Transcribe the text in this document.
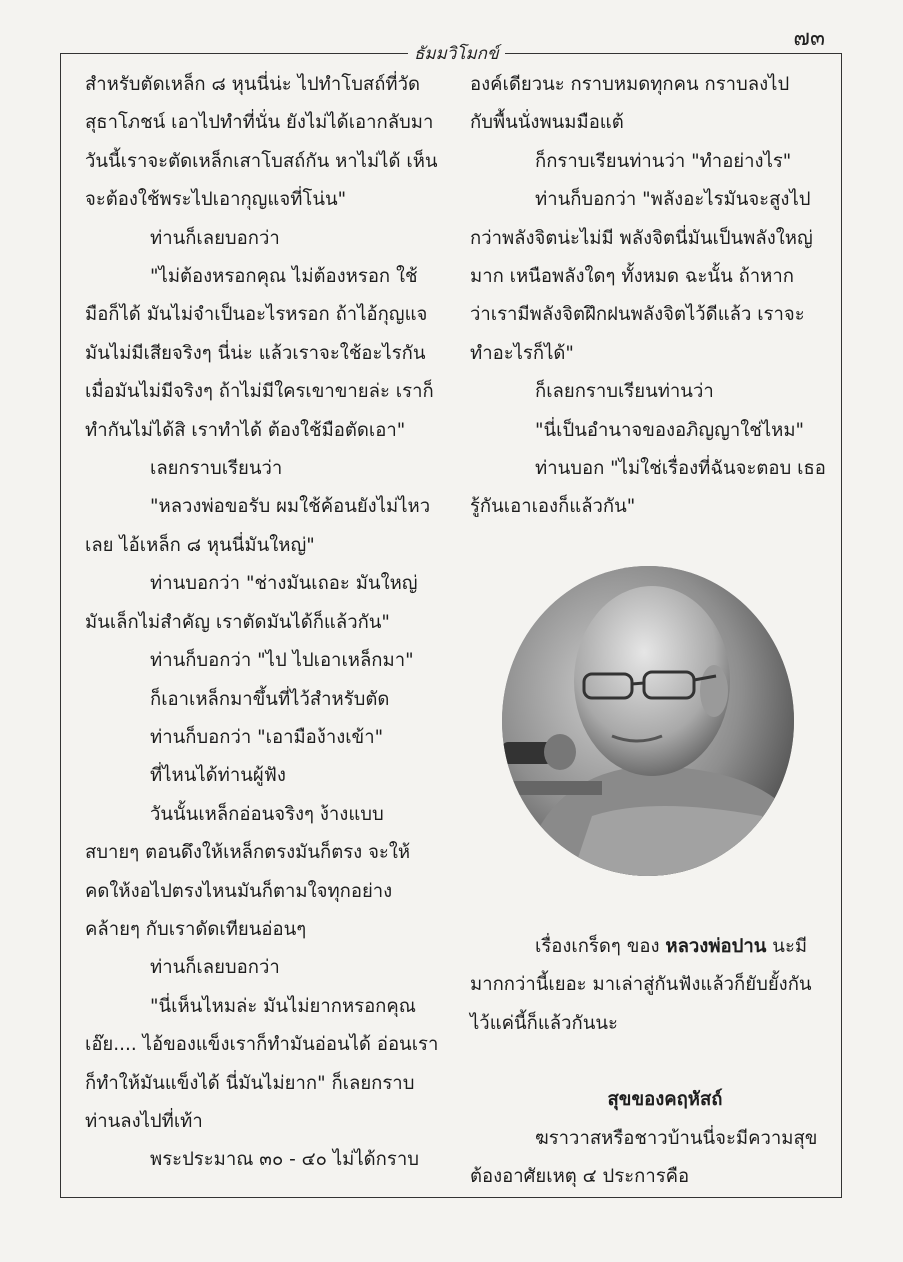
๗๓
ธัมมวิโมกข์

สำหรับตัดเหล็ก ๘ หุนนี่น่ะ ไปทำโบสถ์ที่วัด

สุธาโภชน์ เอาไปทำที่นั่น ยังไม่ได้เอากลับมา

วันนี้เราจะตัดเหล็กเสาโบสถ์กัน หาไม่ได้ เห็น

จะต้องใช้พระไปเอากุญแจที่โน่น"

ท่านก็เลยบอกว่า

"ไม่ต้องหรอกคุณ ไม่ต้องหรอก ใช้

มือก็ได้ มันไม่จำเป็นอะไรหรอก ถ้าไอ้กุญแจ

มันไม่มีเสียจริงๆ นี่น่ะ แล้วเราจะใช้อะไรกัน

เมื่อมันไม่มีจริงๆ ถ้าไม่มีใครเขาขายล่ะ เราก็

ทำกันไม่ได้สิ เราทำได้ ต้องใช้มือตัดเอา"

เลยกราบเรียนว่า

"หลวงพ่อขอรับ ผมใช้ค้อนยังไม่ไหว

เลย ไอ้เหล็ก ๘ หุนนี่มันใหญ่"

ท่านบอกว่า "ช่างมันเถอะ มันใหญ่

มันเล็กไม่สำคัญ เราตัดมันได้ก็แล้วกัน"

ท่านก็บอกว่า "ไป ไปเอาเหล็กมา"

ก็เอาเหล็กมาขึ้นที่ไว้สำหรับตัด

ท่านก็บอกว่า "เอามือง้างเข้า"

ที่ไหนได้ท่านผู้ฟัง

วันนั้นเหล็กอ่อนจริงๆ ง้างแบบ

สบายๆ ตอนดึงให้เหล็กตรงมันก็ตรง จะให้

คดให้งอไปตรงไหนมันก็ตามใจทุกอย่าง

คล้ายๆ กับเราดัดเทียนอ่อนๆ

ท่านก็เลยบอกว่า

"นี่เห็นไหมล่ะ มันไม่ยากหรอกคุณ

เอ๊ย.... ไอ้ของแข็งเราก็ทำมันอ่อนได้ อ่อนเรา

ก็ทำให้มันแข็งได้ นี่มันไม่ยาก" ก็เลยกราบ

ท่านลงไปที่เท้า

พระประมาณ ๓๐ - ๔๐ ไม่ได้กราบ

องค์เดียวนะ กราบหมดทุกคน กราบลงไป

กับพื้นนั่งพนมมือแต้

ก็กราบเรียนท่านว่า "ทำอย่างไร"

ท่านก็บอกว่า "พลังอะไรมันจะสูงไป

กว่าพลังจิตน่ะไม่มี พลังจิตนี่มันเป็นพลังใหญ่

มาก เหนือพลังใดๆ ทั้งหมด ฉะนั้น ถ้าหาก

ว่าเรามีพลังจิตฝึกฝนพลังจิตไว้ดีแล้ว เราจะ

ทำอะไรก็ได้"

ก็เลยกราบเรียนท่านว่า

"นี่เป็นอำนาจของอภิญญาใช่ไหม"

ท่านบอก "ไม่ใช่เรื่องที่ฉันจะตอบ เธอ

รู้กันเอาเองก็แล้วกัน"

เรื่องเกร็ดๆ ของ หลวงพ่อปาน นะมี

มากกว่านี้เยอะ มาเล่าสู่กันฟังแล้วก็ยับยั้งกัน

ไว้แค่นี้ก็แล้วกันนะ

สุขของคฤหัสถ์

ฆราวาสหรือชาวบ้านนี่จะมีความสุข

ต้องอาศัยเหตุ ๔ ประการคือ
